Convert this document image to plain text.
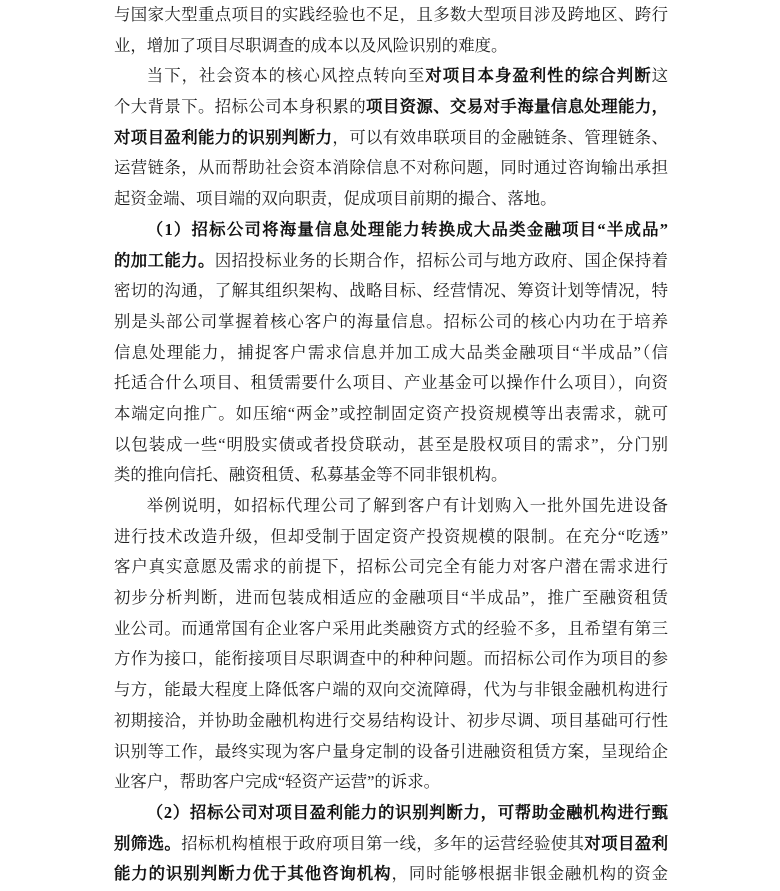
与国家大型重点项目的实践经验也不足，且多数大型项目涉及跨地区、跨行
业，增加了项目尽职调查的成本以及风险识别的难度。
当下，社会资本的核心风控点转向至对项目本身盈利性的综合判断这
个大背景下。招标公司本身积累的项目资源、交易对手海量信息处理能力，
对项目盈利能力的识别判断力，可以有效串联项目的金融链条、管理链条、
运营链条，从而帮助社会资本消除信息不对称问题，同时通过咨询输出承担
起资金端、项目端的双向职责，促成项目前期的撮合、落地。
（1）招标公司将海量信息处理能力转换成大品类金融项目“半成品”
的加工能力。因招投标业务的长期合作，招标公司与地方政府、国企保持着
密切的沟通，了解其组织架构、战略目标、经营情况、筹资计划等情况，特
别是头部公司掌握着核心客户的海量信息。招标公司的核心内功在于培养
信息处理能力，捕捉客户需求信息并加工成大品类金融项目“半成品”（信
托适合什么项目、租赁需要什么项目、产业基金可以操作什么项目），向资
本端定向推广。如压缩“两金”或控制固定资产投资规模等出表需求，就可
以包装成一些“明股实债或者投贷联动，甚至是股权项目的需求”，分门别
类的推向信托、融资租赁、私募基金等不同非银机构。
举例说明，如招标代理公司了解到客户有计划购入一批外国先进设备
进行技术改造升级，但却受制于固定资产投资规模的限制。在充分“吃透”
客户真实意愿及需求的前提下，招标公司完全有能力对客户潜在需求进行
初步分析判断，进而包装成相适应的金融项目“半成品”，推广至融资租赁
业公司。而通常国有企业客户采用此类融资方式的经验不多，且希望有第三
方作为接口，能衔接项目尽职调查中的种种问题。而招标公司作为项目的参
与方，能最大程度上降低客户端的双向交流障碍，代为与非银金融机构进行
初期接洽，并协助金融机构进行交易结构设计、初步尽调、项目基础可行性
识别等工作，最终实现为客户量身定制的设备引进融资租赁方案，呈现给企
业客户，帮助客户完成“轻资产运营”的诉求。
（2）招标公司对项目盈利能力的识别判断力，可帮助金融机构进行甄
别筛选。招标机构植根于政府项目第一线，多年的运营经验使其对项目盈利
能力的识别判断力优于其他咨询机构，同时能够根据非银金融机构的资金
